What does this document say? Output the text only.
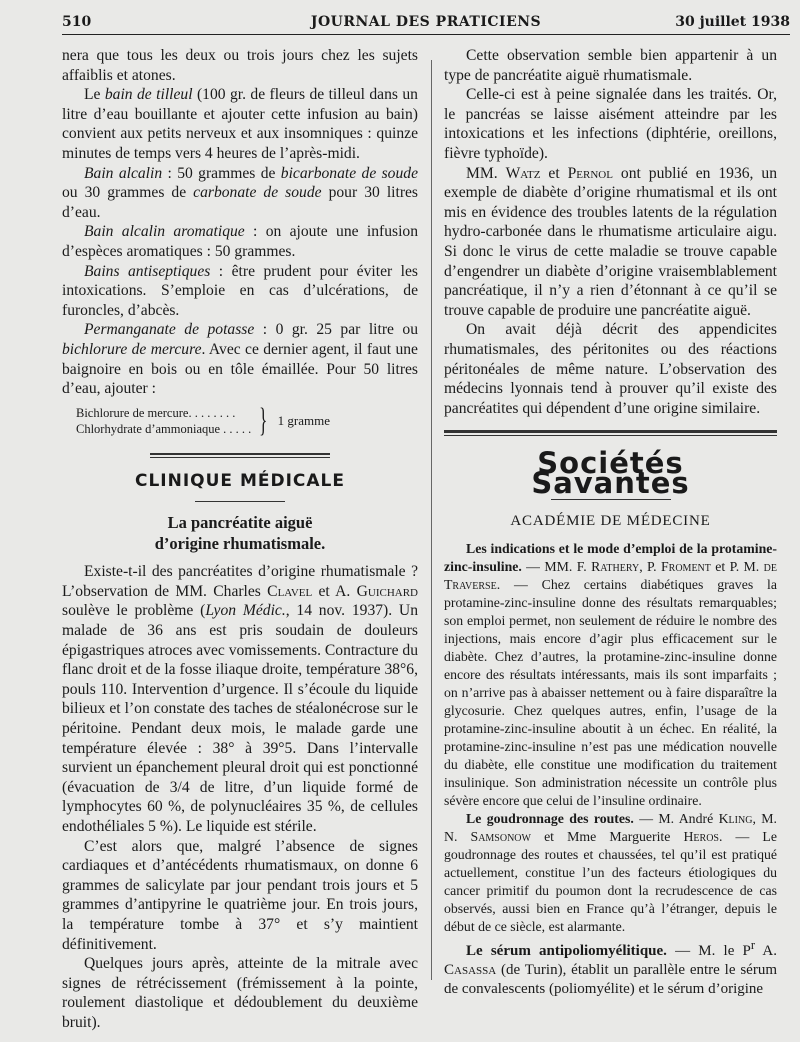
JOURNAL DES PRATICIENS
510	30 juillet 1938

nera que tous les deux ou trois jours chez les sujets affaiblis et atones.

Le bain de tilleul (100 gr. de fleurs de tilleul dans un litre d’eau bouillante et ajouter cette infusion au bain) convient aux petits nerveux et aux insomniques : quinze minutes de temps vers 4 heures de l’après-midi.

Bain alcalin : 50 grammes de bicarbonate de soude ou 30 grammes de carbonate de soude pour 30 litres d’eau.

Bain alcalin aromatique : on ajoute une infusion d’espèces aromatiques : 50 grammes.

Bains antiseptiques : être prudent pour éviter les intoxications. S’emploie en cas d’ulcérations, de furoncles, d’abcès.

Permanganate de potasse : 0 gr. 25 par litre ou bichlorure de mercure. Avec ce dernier agent, il faut une baignoire en bois ou en tôle émaillée. Pour 50 litres d’eau, ajouter :

Bichlorure de mercure. . . . . . . .
Chlorhydrate d’ammoniaque . . . . . } 1 gramme
CLINIQUE MÉDICALE
La pancréatite aiguë
d’origine rhumatismale.

Existe-t-il des pancréatites d’origine rhumatismale ? L’observation de MM. Charles Clavel et A. Guichard soulève le problème (Lyon Médic., 14 nov. 1937). Un malade de 36 ans est pris soudain de douleurs épigastriques atroces avec vomissements. Contracture du flanc droit et de la fosse iliaque droite, température 38°6, pouls 110. Intervention d’urgence. Il s’écoule du liquide bilieux et l’on constate des taches de stéalonécrose sur le péritoine. Pendant deux mois, le malade garde une température élevée : 38° à 39°5. Dans l’intervalle survient un épanchement pleural droit qui est ponctionné (évacuation de 3/4 de litre, d’un liquide formé de lymphocytes 60 %, de polynucléaires 35 %, de cellules endothéliales 5 %). Le liquide est stérile.

C’est alors que, malgré l’absence de signes cardiaques et d’antécédents rhumatismaux, on donne 6 grammes de salicylate par jour pendant trois jours et 5 grammes d’antipyrine le quatrième jour. En trois jours, la température tombe à 37° et s’y maintient définitivement.

Quelques jours après, atteinte de la mitrale avec signes de rétrécissement (frémissement à la pointe, roulement diastolique et dédoublement du deuxième bruit).

Cette observation semble bien appartenir à un type de pancréatite aiguë rhumatismale.

Celle-ci est à peine signalée dans les traités. Or, le pancréas se laisse aisément atteindre par les intoxications et les infections (diphtérie, oreillons, fièvre typhoïde).

MM. Watz et Pernol ont publié en 1936, un exemple de diabète d’origine rhumatismal et ils ont mis en évidence des troubles latents de la régulation hydro-carbonée dans le rhumatisme articulaire aigu. Si donc le virus de cette maladie se trouve capable d’engendrer un diabète d’origine vraisemblablement pancréatique, il n’y a rien d’étonnant à ce qu’il se trouve capable de produire une pancréatite aiguë.

On avait déjà décrit des appendicites rhumatismales, des péritonites ou des réactions péritonéales de même nature. L’observation des médecins lyonnais tend à prouver qu’il existe des pancréatites qui dépendent d’une origine similaire.

Sociétés Savantes
ACADÉMIE DE MÉDECINE

Les indications et le mode d’emploi de la protamine-zinc-insuline. — MM. F. Rathery, P. Froment et P. M. de Traverse. — Chez certains diabétiques graves la protamine-zinc-insuline donne des résultats remarquables; son emploi permet, non seulement de réduire le nombre des injections, mais encore d’agir plus efficacement sur le diabète. Chez d’autres, la protamine-zinc-insuline donne encore des résultats intéressants, mais ils sont imparfaits ; on n’arrive pas à abaisser nettement ou à faire disparaître la glycosurie. Chez quelques autres, enfin, l’usage de la protamine-zinc-insuline aboutit à un échec. En réalité, la protamine-zinc-insuline n’est pas une médication nouvelle du diabète, elle constitue une modification du traitement insulinique. Son administration nécessite un contrôle plus sévère encore que celui de l’insuline ordinaire.

Le goudronnage des routes. — M. André Kling, M. N. Samsonow et Mme Marguerite Heros. — Le goudronnage des routes et chaussées, tel qu’il est pratiqué actuellement, constitue l’un des facteurs étiologiques du cancer primitif du poumon dont la recrudescence de cas observés, aussi bien en France qu’à l’étranger, depuis le début de ce siècle, est alarmante.

Le sérum antipoliomyélitique. — M. le $P^r$ A. Casassa (de Turin), établit un parallèle entre le sérum de convalescents (poliomyélite) et le sérum d’origine
